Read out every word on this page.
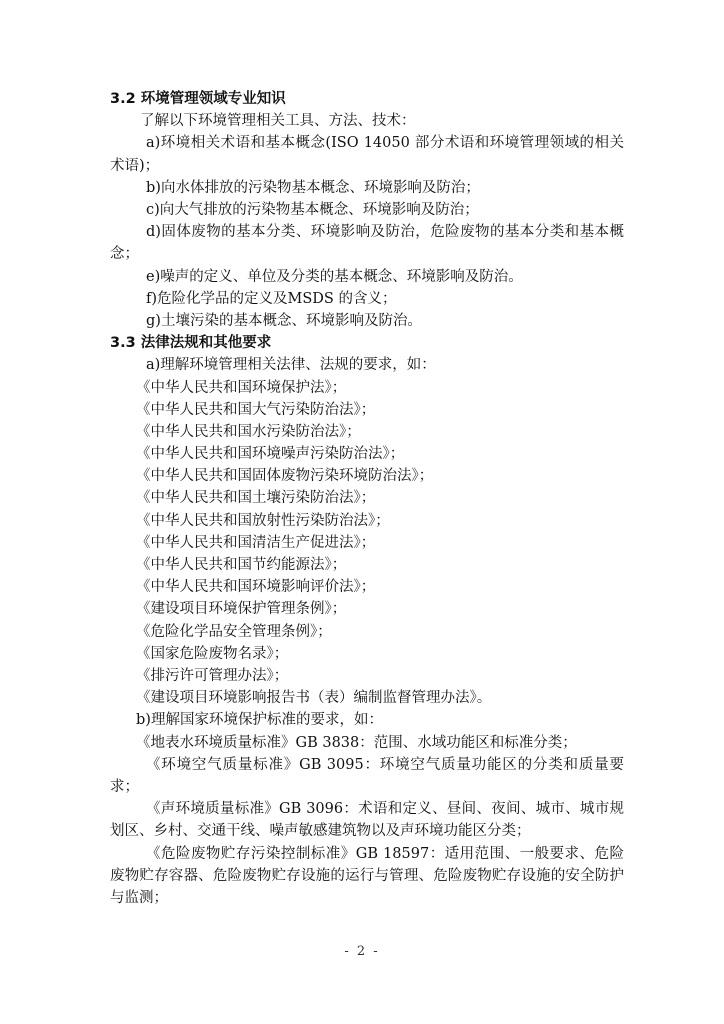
3.2 环境管理领域专业知识
了解以下环境管理相关工具、方法、技术：
a)环境相关术语和基本概念(ISO 14050 部分术语和环境管理领域的相关术语)；
b)向水体排放的污染物基本概念、环境影响及防治；
c)向大气排放的污染物基本概念、环境影响及防治；
d)固体废物的基本分类、环境影响及防治，危险废物的基本分类和基本概念；
e)噪声的定义、单位及分类的基本概念、环境影响及防治。
f)危险化学品的定义及MSDS 的含义；
g)土壤污染的基本概念、环境影响及防治。
3.3 法律法规和其他要求
a)理解环境管理相关法律、法规的要求，如：
《中华人民共和国环境保护法》；
《中华人民共和国大气污染防治法》；
《中华人民共和国水污染防治法》；
《中华人民共和国环境噪声污染防治法》；
《中华人民共和国固体废物污染环境防治法》；
《中华人民共和国土壤污染防治法》；
《中华人民共和国放射性污染防治法》；
《中华人民共和国清洁生产促进法》；
《中华人民共和国节约能源法》；
《中华人民共和国环境影响评价法》；
《建设项目环境保护管理条例》；
《危险化学品安全管理条例》；
《国家危险废物名录》；
《排污许可管理办法》；
《建设项目环境影响报告书（表）编制监督管理办法》。
b)理解国家环境保护标准的要求，如：
《地表水环境质量标准》GB 3838：范围、水域功能区和标准分类；
《环境空气质量标准》GB 3095：环境空气质量功能区的分类和质量要求；
《声环境质量标准》GB 3096：术语和定义、昼间、夜间、城市、城市规划区、乡村、交通干线、噪声敏感建筑物以及声环境功能区分类；
《危险废物贮存污染控制标准》GB 18597：适用范围、一般要求、危险废物贮存容器、危险废物贮存设施的运行与管理、危险废物贮存设施的安全防护与监测；
- 2 -
